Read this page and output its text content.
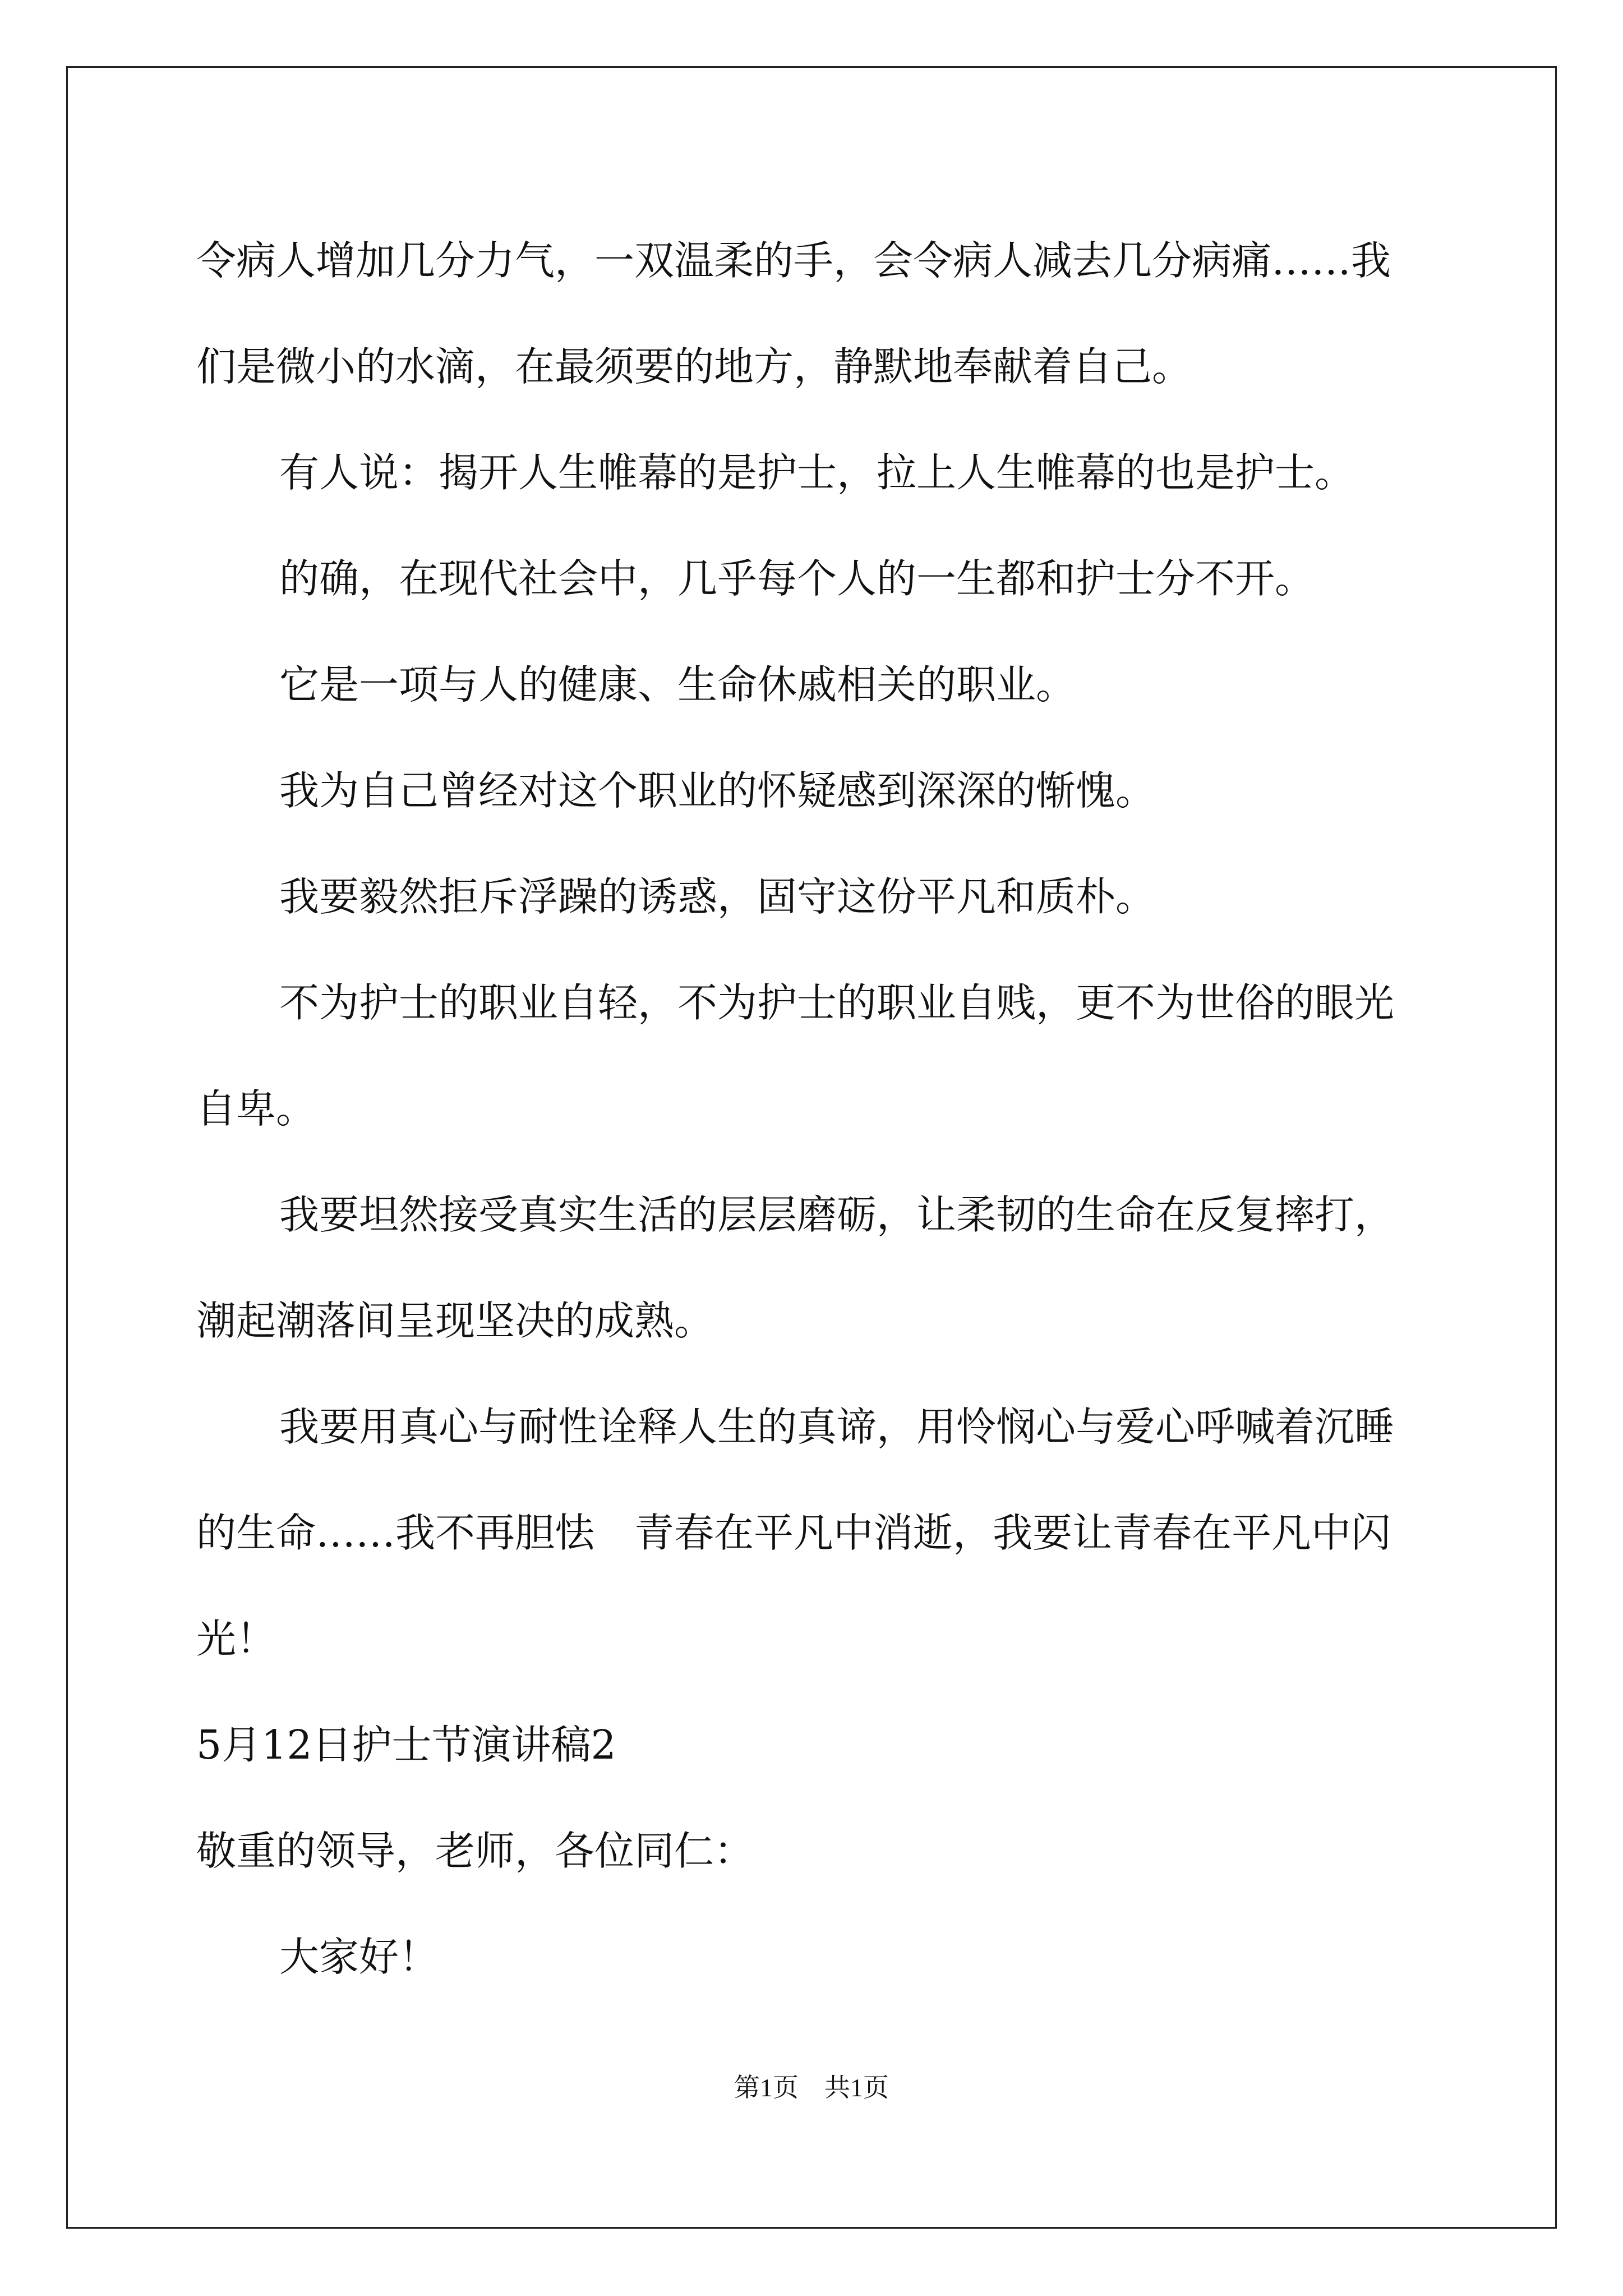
令病人增加几分力气，一双温柔的手，会令病人减去几分病痛……我
们是微小的水滴，在最须要的地方，静默地奉献着自己。
有人说：揭开人生帷幕的是护士，拉上人生帷幕的也是护士。
的确，在现代社会中，几乎每个人的一生都和护士分不开。
它是一项与人的健康、生命休戚相关的职业。
我为自己曾经对这个职业的怀疑感到深深的惭愧。
我要毅然拒斥浮躁的诱惑，固守这份平凡和质朴。
不为护士的职业自轻，不为护士的职业自贱，更不为世俗的眼光
自卑。
我要坦然接受真实生活的层层磨砺，让柔韧的生命在反复摔打，
潮起潮落间呈现坚决的成熟。
我要用真心与耐性诠释人生的真谛，用怜悯心与爱心呼喊着沉睡
的生命……我不再胆怯　青春在平凡中消逝，我要让青春在平凡中闪
光！
5月12日护士节演讲稿2
敬重的领导，老师，各位同仁：
大家好！
第1页　共1页
